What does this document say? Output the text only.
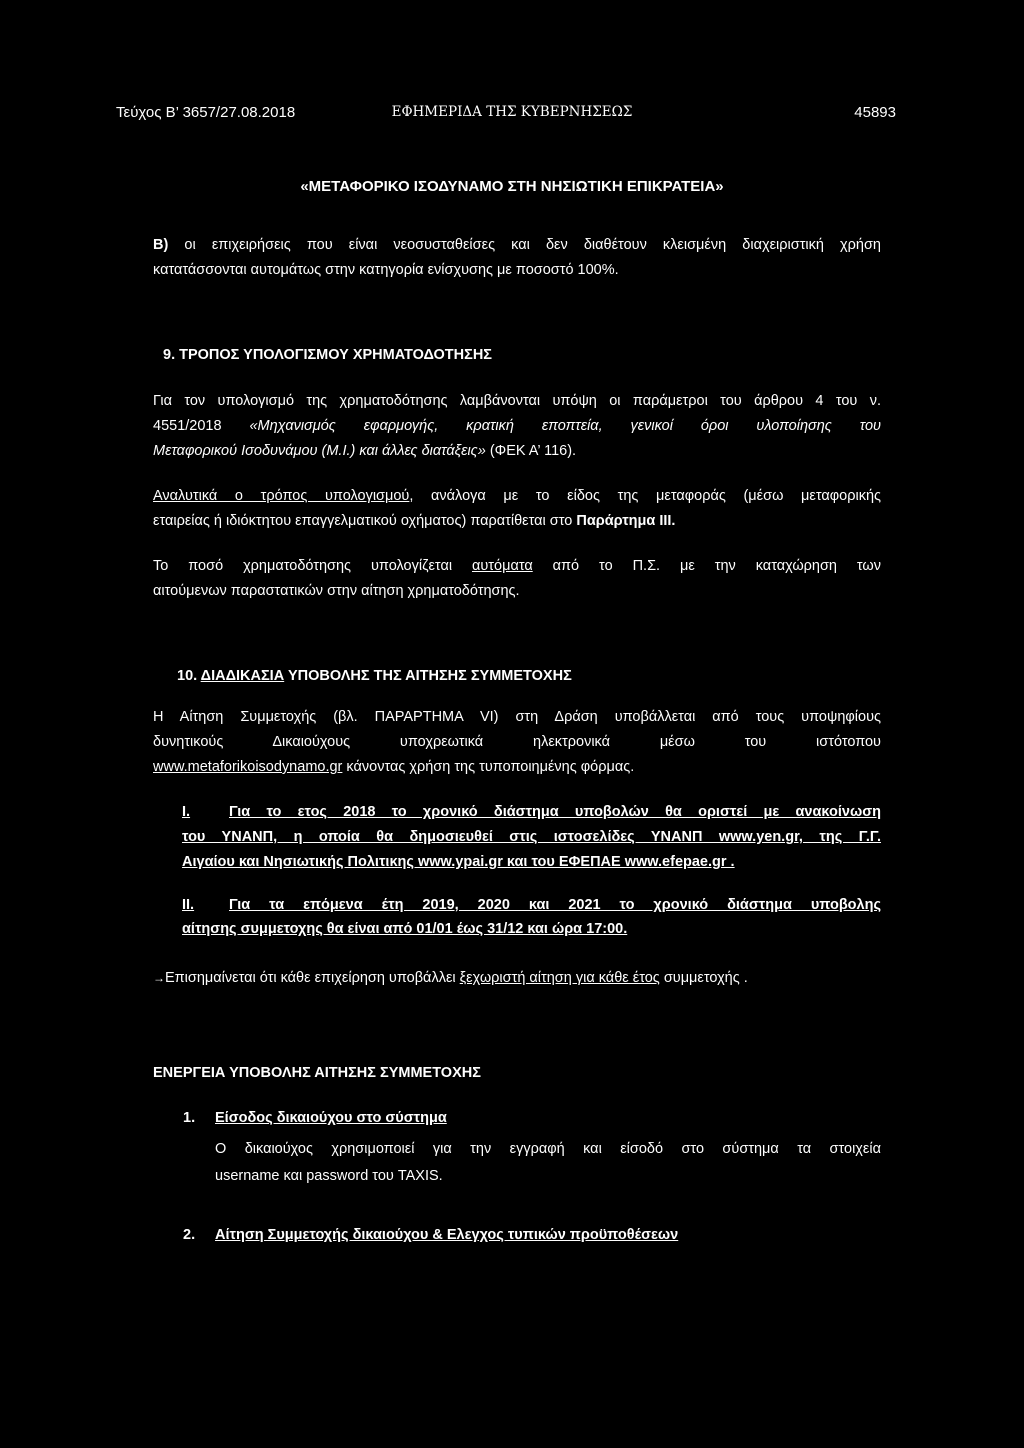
Τεύχος Β’ 3657/27.08.2018	ΕΦΗΜΕΡΙΔΑ ΤΗΣ ΚΥΒΕΡΝΗΣΕΩΣ	45893
«ΜΕΤΑΦΟΡΙΚΟ ΙΣΟΔΥΝΑΜΟ ΣΤΗ ΝΗΣΙΩΤΙΚΗ ΕΠΙΚΡΑΤΕΙΑ»
Β) οι επιχειρήσεις που είναι νεοσυσταθείσες και δεν διαθέτουν κλεισμένη διαχειριστική χρήση
κατατάσσονται αυτομάτως στην κατηγορία ενίσχυσης με ποσοστό 100%.
9. ΤΡΟΠΟΣ ΥΠΟΛΟΓΙΣΜΟΥ ΧΡΗΜΑΤΟΔΟΤΗΣΗΣ
Για τον υπολογισμό της χρηματοδότησης λαμβάνονται υπόψη οι παράμετροι του άρθρου 4 του ν.
4551/2018 «Μηχανισμός εφαρμογής, κρατική εποπτεία, γενικοί όροι υλοποίησης του
Μεταφορικού Ισοδυνάμου (Μ.Ι.) και άλλες διατάξεις» (ΦΕΚ Α’ 116).
Αναλυτικά ο τρόπος υπολογισμού, ανάλογα με το είδος της μεταφοράς (μέσω μεταφορικής
εταιρείας ή ιδιόκτητου επαγγελματικού οχήματος) παρατίθεται στο Παράρτημα ΙΙΙ.
Το ποσό χρηματοδότησης υπολογίζεται αυτόματα από το Π.Σ. με την καταχώρηση των
αιτούμενων παραστατικών στην αίτηση χρηματοδότησης.
10. ΔΙΑΔΙΚΑΣΙΑ ΥΠΟΒΟΛΗΣ ΤΗΣ ΑΙΤΗΣΗΣ ΣΥΜΜΕΤΟΧΗΣ
Η Αίτηση Συμμετοχής (βλ. ΠΑΡΑΡΤΗΜΑ VI) στη Δράση υποβάλλεται από τους υποψηφίους
δυνητικούς Δικαιούχους υποχρεωτικά ηλεκτρονικά μέσω του ιστότοπου
www.metaforikoisodynamo.gr κάνοντας χρήση της τυποποιημένης φόρμας.
Ι.	Για το ετος 2018 το χρονικό διάστημα υποβολών θα οριστεί με ανακοίνωση
του ΥΝΑΝΠ, η οποία θα δημοσιευθεί στις ιστοσελίδες ΥΝΑΝΠ www.yen.gr, της Γ.Γ.
Αιγαίου και Νησιωτικής Πολιτικης www.ypai.gr και του ΕΦΕΠΑΕ www.efepae.gr .
ΙΙ. Για τα επόμενα έτη 2019, 2020 και 2021 το χρονικό διάστημα υποβολης
αίτησης συμμετοχης θα είναι από 01/01 έως 31/12 και ώρα 17:00.
→Επισημαίνεται ότι κάθε επιχείρηση υποβάλλει ξεχωριστή αίτηση για κάθε έτος συμμετοχής .
ΕΝΕΡΓΕΙΑ ΥΠΟΒΟΛΗΣ ΑΙΤΗΣΗΣ ΣΥΜΜΕΤΟΧΗΣ
1. Είσοδος δικαιούχου στο σύστημα
Ο δικαιούχος χρησιμοποιεί για την εγγραφή και είσοδό στο σύστημα τα στοιχεία
username και password του TAXIS.
2. Αίτηση Συμμετοχής δικαιούχου & Ελεγχος τυπικών προϋποθέσεων
